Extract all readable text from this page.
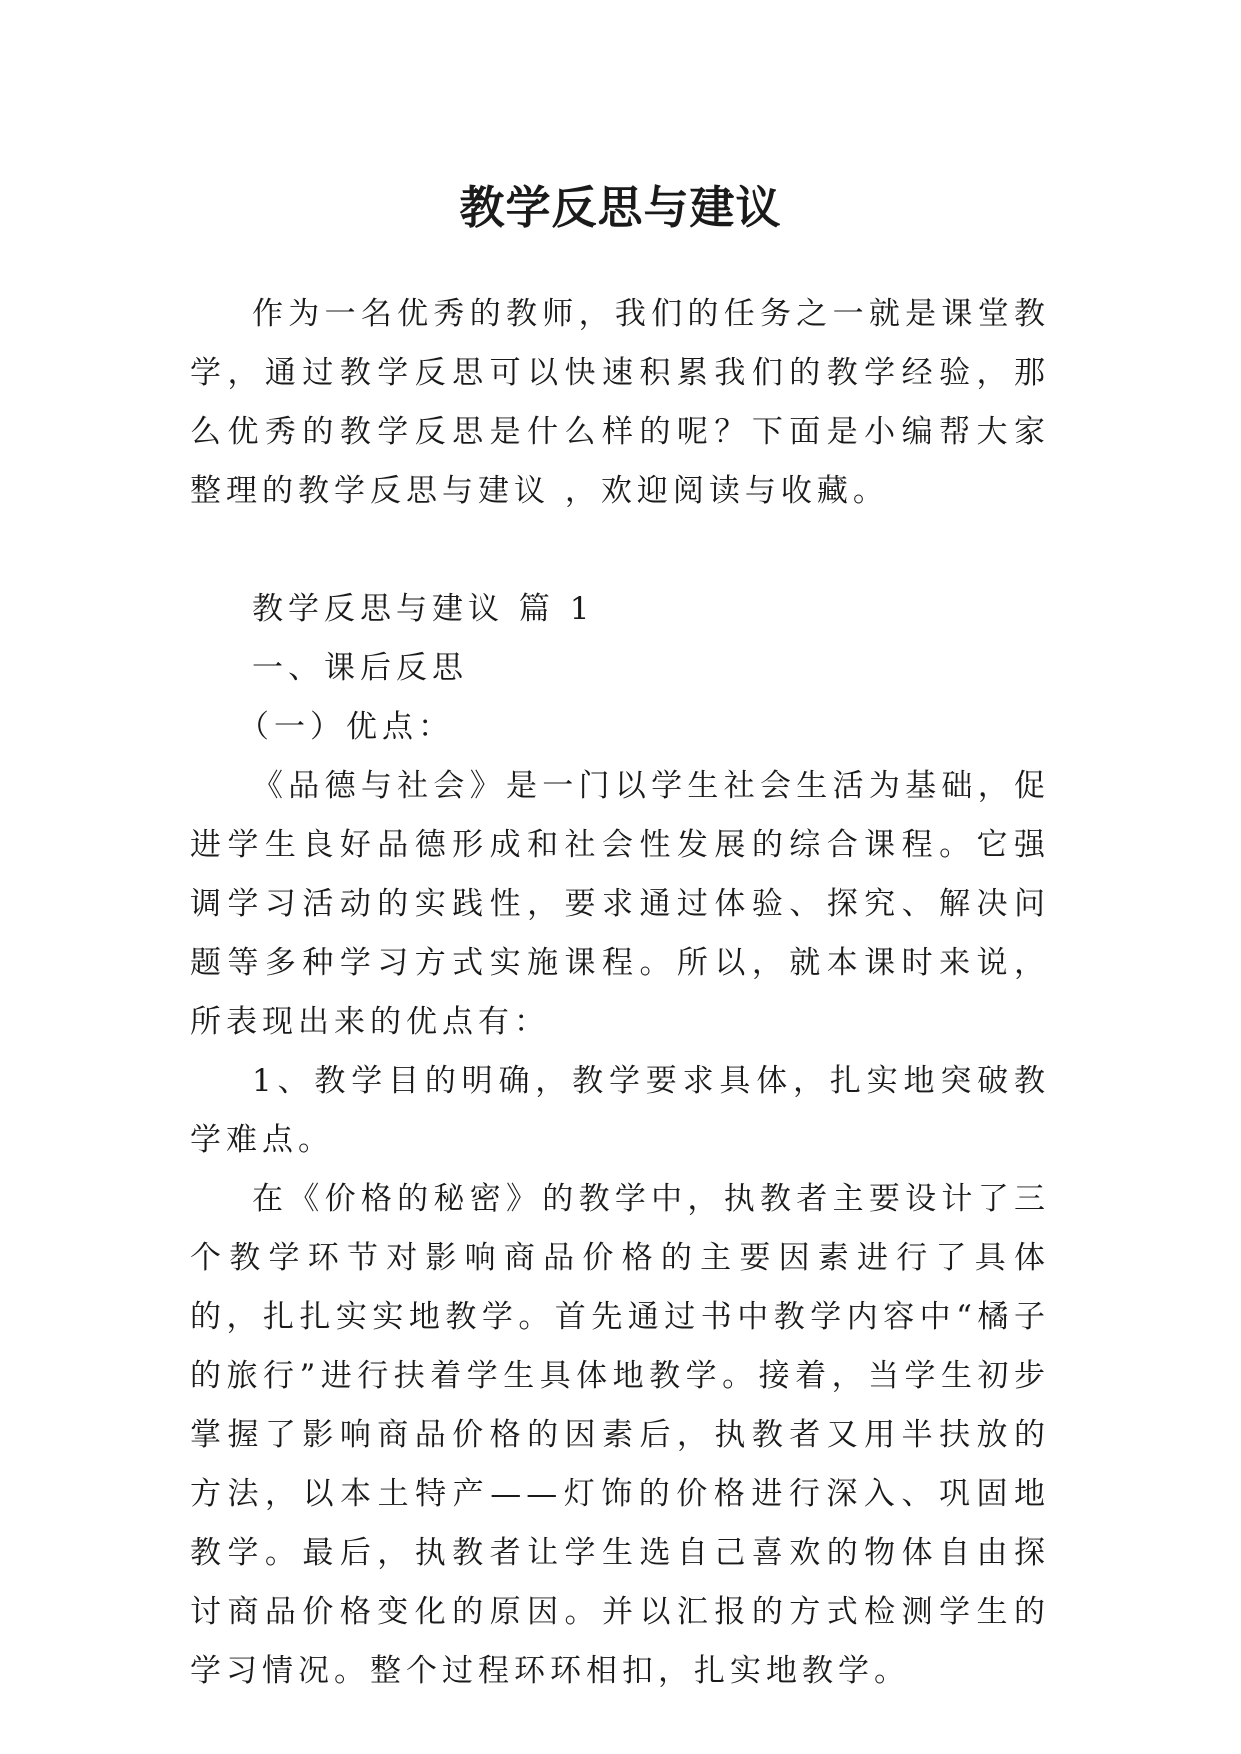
教学反思与建议

作为一名优秀的教师，我们的任务之一就是课堂教学，通过教学反思可以快速积累我们的教学经验，那么优秀的教学反思是什么样的呢？下面是小编帮大家整理的教学反思与建议 ，欢迎阅读与收藏。

教学反思与建议 篇 1

一、课后反思

（一）优点：

《品德与社会》是一门以学生社会生活为基础，促进学生良好品德形成和社会性发展的综合课程。它强调学习活动的实践性，要求通过体验、探究、解决问题等多种学习方式实施课程。所以，就本课时来说，所表现出来的优点有：

1、教学目的明确，教学要求具体，扎实地突破教学难点。

在《价格的秘密》的教学中，执教者主要设计了三个教学环节对影响商品价格的主要因素进行了具体的，扎扎实实地教学。首先通过书中教学内容中“橘子的旅行”进行扶着学生具体地教学。接着，当学生初步掌握了影响商品价格的因素后，执教者又用半扶放的方法，以本土特产——灯饰的价格进行深入、巩固地教学。最后，执教者让学生选自己喜欢的物体自由探讨商品价格变化的原因。并以汇报的方式检测学生的学习情况。整个过程环环相扣，扎实地教学。
